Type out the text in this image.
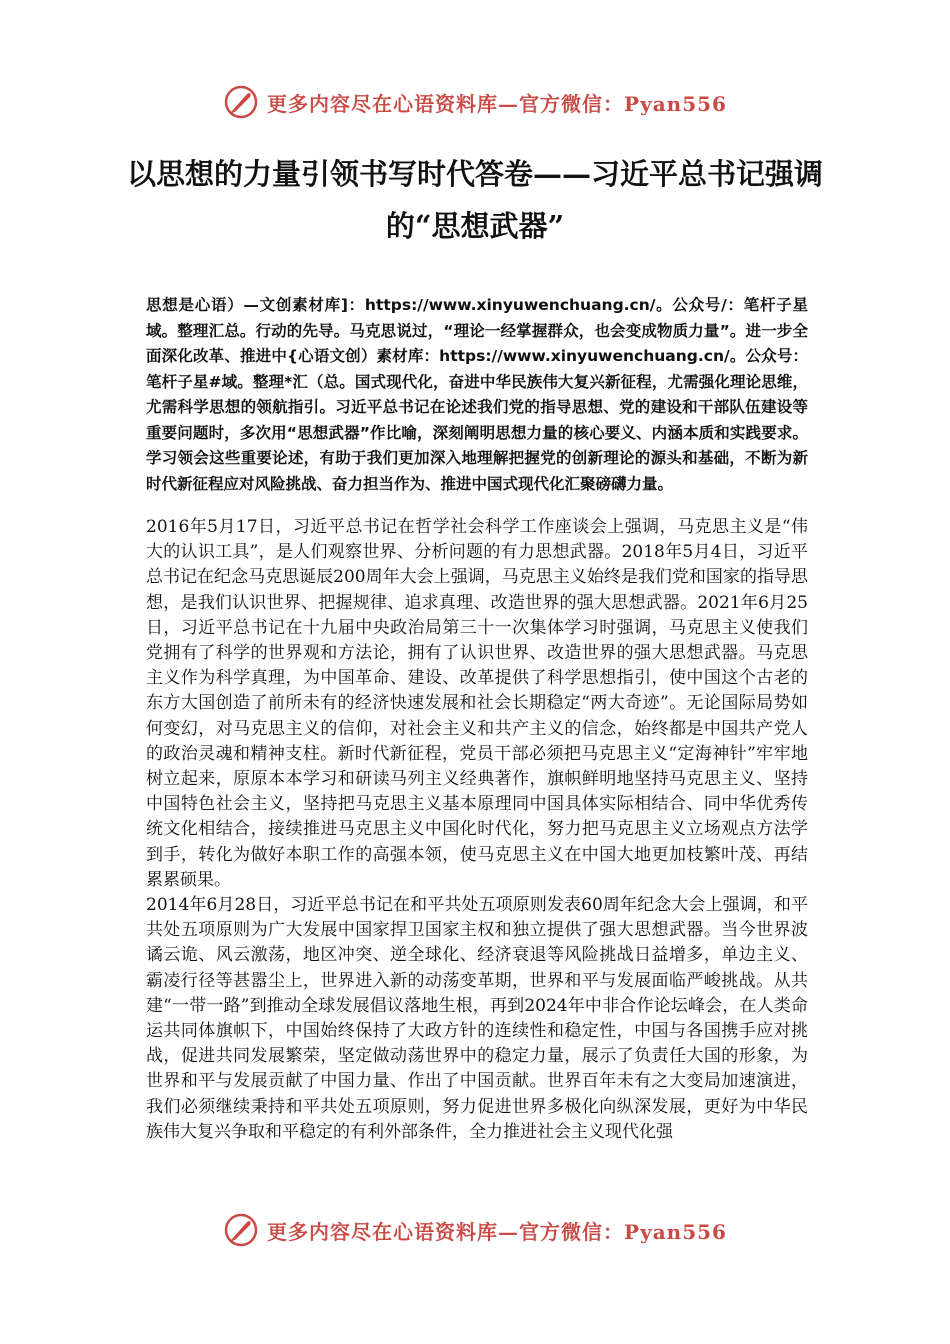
更多内容尽在心语资料库—官方微信：Pyan556
以思想的力量引领书写时代答卷——习近平总书记强调的“思想武器”

思想是心语）—文创素材库]：https://www.xinyuwenchuang.cn/。公众号/：笔杆子星域。整理汇总。行动的先导。马克思说过，“理论一经掌握群众，也会变成物质力量”。进一步全面深化改革、推进中{心语文创）素材库：https://www.xinyuwenchuang.cn/。公众号：笔杆子星#域。整理*汇（总。国式现代化，奋进中华民族伟大复兴新征程，尤需强化理论思维，尤需科学思想的领航指引。习近平总书记在论述我们党的指导思想、党的建设和干部队伍建设等重要问题时，多次用“思想武器”作比喻，深刻阐明思想力量的核心要义、内涵本质和实践要求。学习领会这些重要论述，有助于我们更加深入地理解把握党的创新理论的源头和基础，不断为新时代新征程应对风险挑战、奋力担当作为、推进中国式现代化汇聚磅礴力量。

2016年5月17日，习近平总书记在哲学社会科学工作座谈会上强调，马克思主义是“伟大的认识工具”，是人们观察世界、分析问题的有力思想武器。2018年5月4日，习近平总书记在纪念马克思诞辰200周年大会上强调，马克思主义始终是我们党和国家的指导思想，是我们认识世界、把握规律、追求真理、改造世界的强大思想武器。2021年6月25日，习近平总书记在十九届中央政治局第三十一次集体学习时强调，马克思主义使我们党拥有了科学的世界观和方法论，拥有了认识世界、改造世界的强大思想武器。马克思主义作为科学真理，为中国革命、建设、改革提供了科学思想指引，使中国这个古老的东方大国创造了前所未有的经济快速发展和社会长期稳定“两大奇迹”。无论国际局势如何变幻，对马克思主义的信仰，对社会主义和共产主义的信念，始终都是中国共产党人的政治灵魂和精神支柱。新时代新征程，党员干部必须把马克思主义“定海神针”牢牢地树立起来，原原本本学习和研读马列主义经典著作，旗帜鲜明地坚持马克思主义、坚持中国特色社会主义，坚持把马克思主义基本原理同中国具体实际相结合、同中华优秀传统文化相结合，接续推进马克思主义中国化时代化，努力把马克思主义立场观点方法学到手，转化为做好本职工作的高强本领，使马克思主义在中国大地更加枝繁叶茂、再结累累硕果。

2014年6月28日，习近平总书记在和平共处五项原则发表60周年纪念大会上强调，和平共处五项原则为广大发展中国家捍卫国家主权和独立提供了强大思想武器。当今世界波谲云诡、风云激荡，地区冲突、逆全球化、经济衰退等风险挑战日益增多，单边主义、霸凌行径等甚嚣尘上，世界进入新的动荡变革期，世界和平与发展面临严峻挑战。从共建“一带一路”到推动全球发展倡议落地生根，再到2024年中非合作论坛峰会，在人类命运共同体旗帜下，中国始终保持了大政方针的连续性和稳定性，中国与各国携手应对挑战，促进共同发展繁荣，坚定做动荡世界中的稳定力量，展示了负责任大国的形象，为世界和平与发展贡献了中国力量、作出了中国贡献。世界百年未有之大变局加速演进，我们必须继续秉持和平共处五项原则，努力促进世界多极化向纵深发展，更好为中华民族伟大复兴争取和平稳定的有利外部条件，全力推进社会主义现代化强

更多内容尽在心语资料库—官方微信：Pyan556
